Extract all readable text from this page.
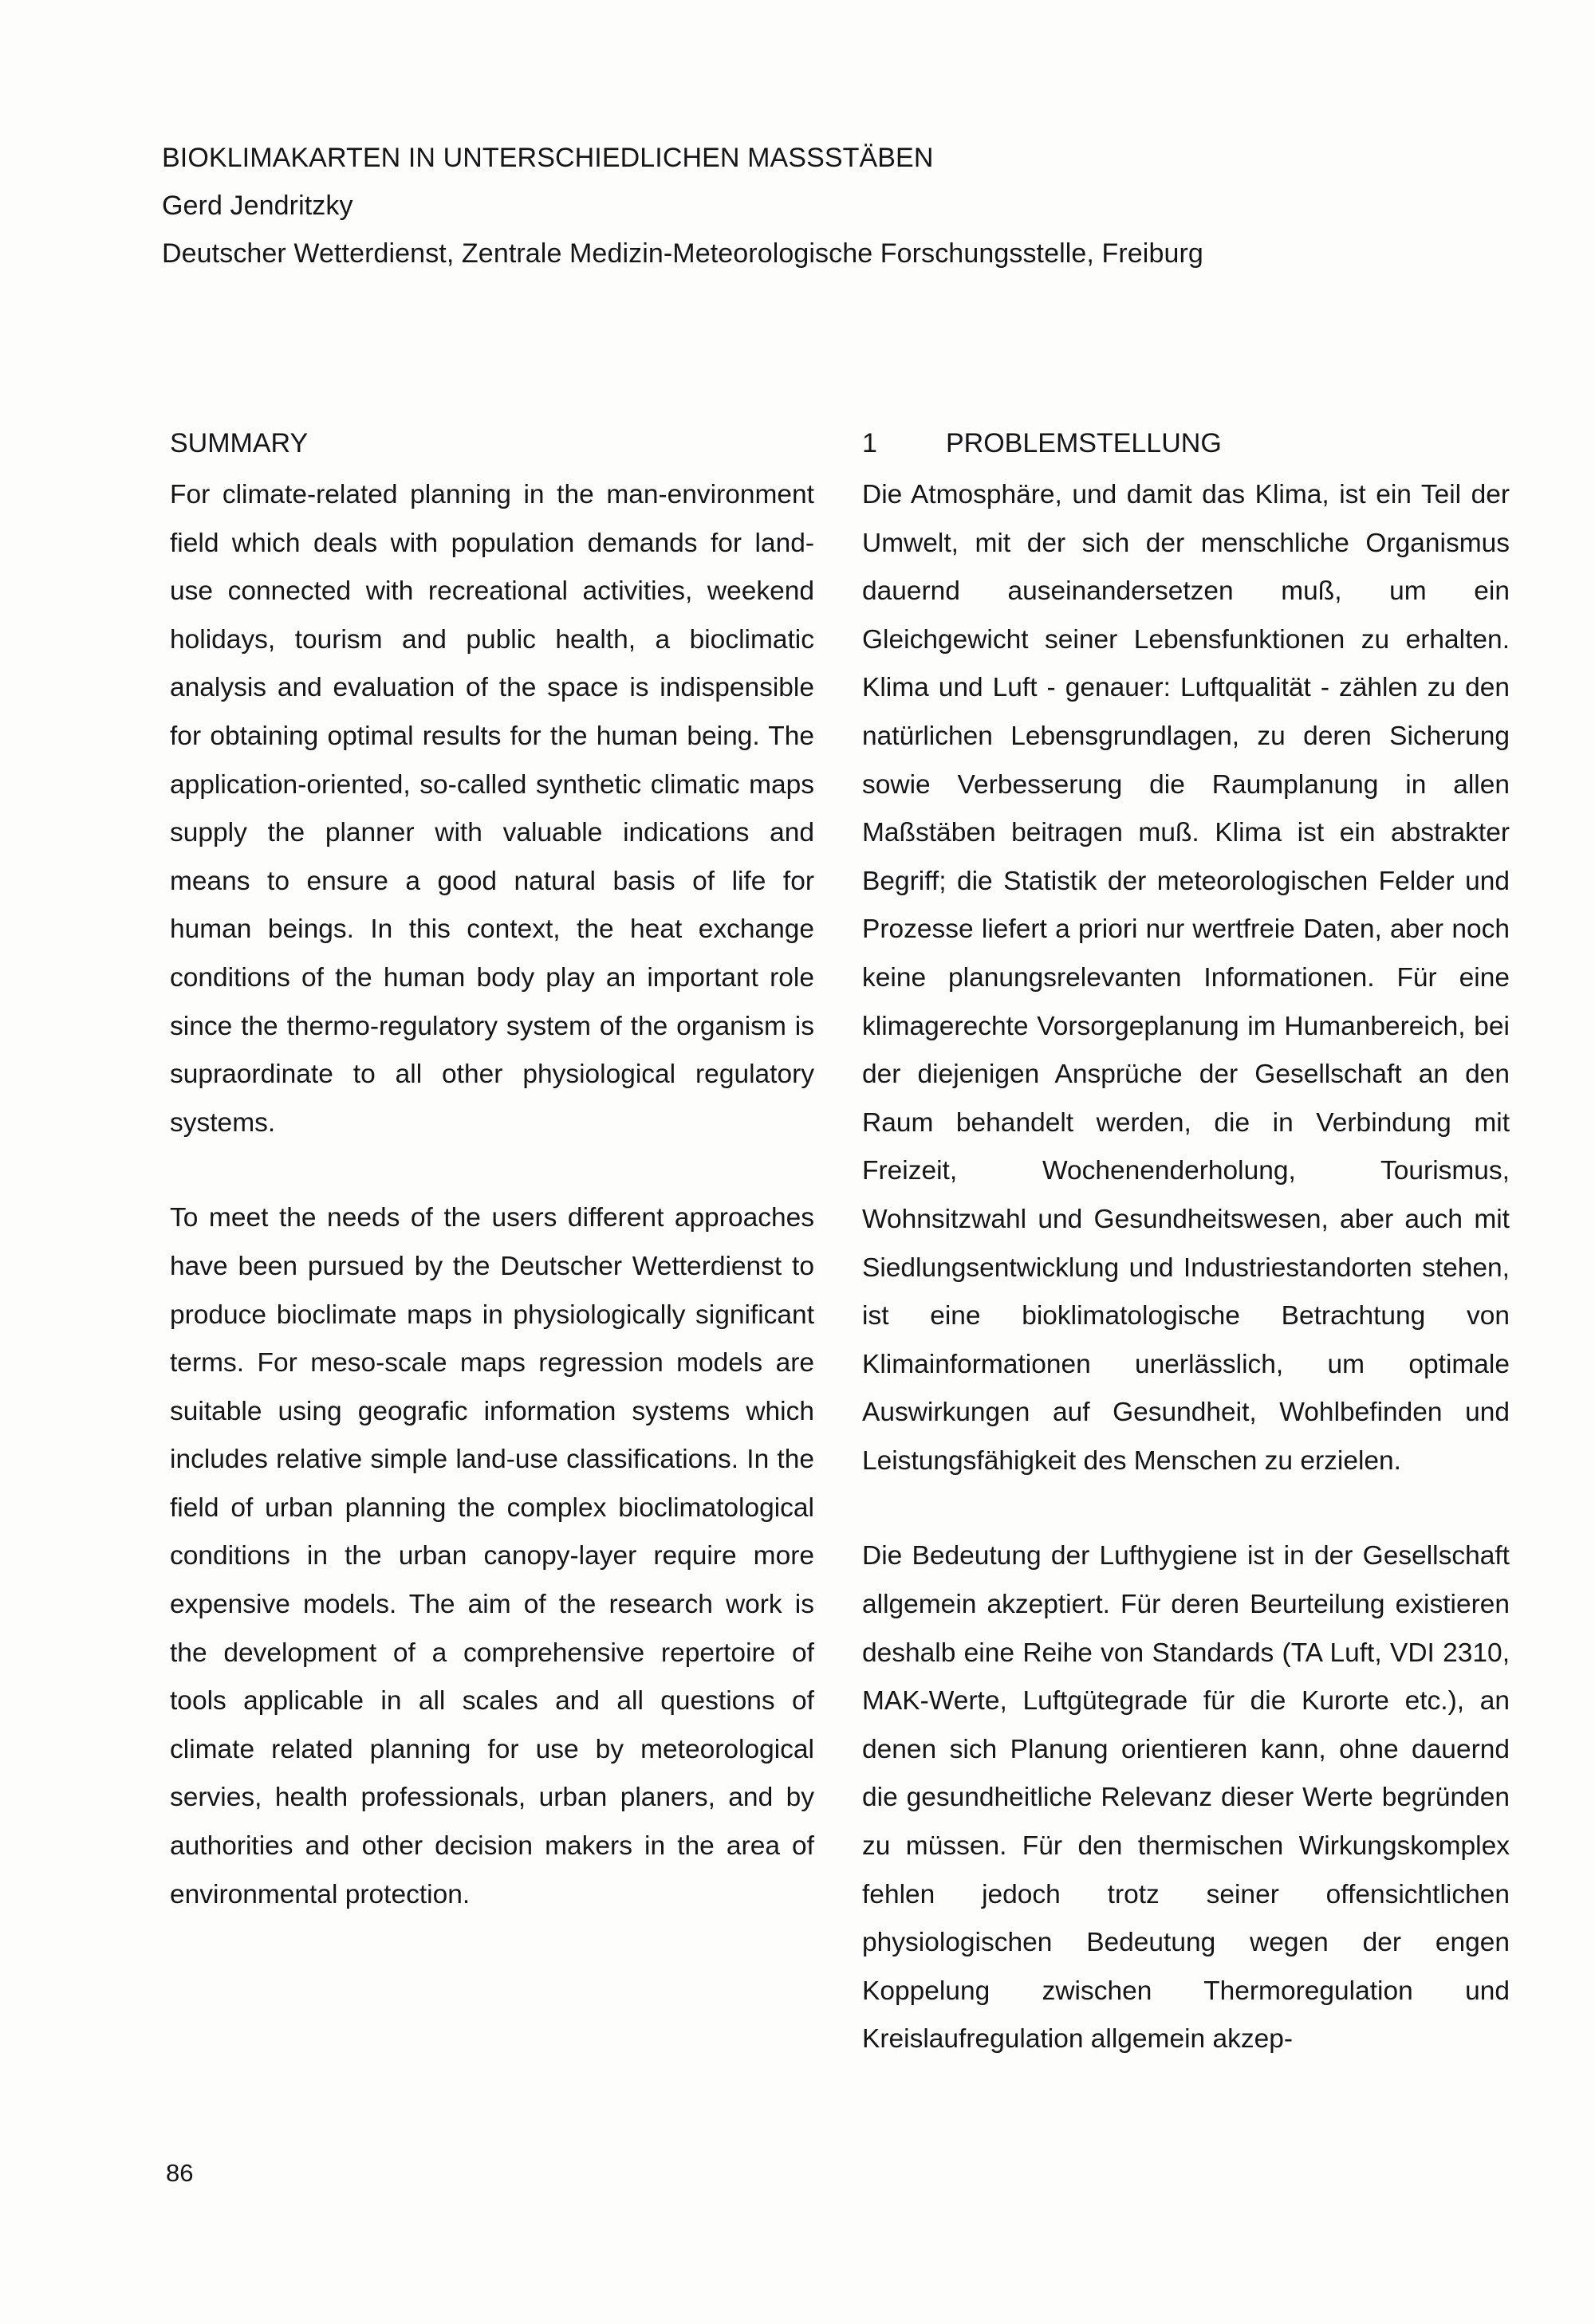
BIOKLIMAKARTEN IN UNTERSCHIEDLICHEN MASSSTÄBEN
Gerd Jendritzky
Deutscher Wetterdienst, Zentrale Medizin-Meteorologische Forschungsstelle, Freiburg
SUMMARY

For climate-related planning in the man-environment field which deals with population demands for land-use connected with recreational activities, weekend holidays, tourism and public health, a bioclimatic analysis and evaluation of the space is indispensible for obtaining optimal results for the human being. The application-oriented, so-called synthetic climatic maps supply the planner with valuable indications and means to ensure a good natural basis of life for human beings. In this context, the heat exchange conditions of the human body play an important role since the thermo-regulatory system of the organism is supraordinate to all other physiological regulatory systems.

To meet the needs of the users different approaches have been pursued by the Deutscher Wetterdienst to produce bioclimate maps in physiologically significant terms. For meso-scale maps regression models are suitable using geografic information systems which includes relative simple land-use classifications. In the field of urban planning the complex bioclimatological conditions in the urban canopy-layer require more expensive models. The aim of the research work is the development of a comprehensive repertoire of tools applicable in all scales and all questions of climate related planning for use by meteorological servies, health professionals, urban planers, and by authorities and other decision makers in the area of environmental protection.

1	PROBLEMSTELLUNG

Die Atmosphäre, und damit das Klima, ist ein Teil der Umwelt, mit der sich der menschliche Organismus dauernd auseinandersetzen muß, um ein Gleichgewicht seiner Lebensfunktionen zu erhalten. Klima und Luft - genauer: Luftqualität - zählen zu den natürlichen Lebensgrundlagen, zu deren Sicherung sowie Verbesserung die Raumplanung in allen Maßstäben beitragen muß. Klima ist ein abstrakter Begriff; die Statistik der meteorologischen Felder und Prozesse liefert a priori nur wertfreie Daten, aber noch keine planungsrelevanten Informationen. Für eine klimagerechte Vorsorgeplanung im Humanbereich, bei der diejenigen Ansprüche der Gesellschaft an den Raum behandelt werden, die in Verbindung mit Freizeit, Wochenenderholung, Tourismus, Wohnsitzwahl und Gesundheitswesen, aber auch mit Siedlungsentwicklung und Industriestandorten stehen, ist eine bioklimatologische Betrachtung von Klimainformationen unerlässlich, um optimale Auswirkungen auf Gesundheit, Wohlbefinden und Leistungsfähigkeit des Menschen zu erzielen.

Die Bedeutung der Lufthygiene ist in der Gesellschaft allgemein akzeptiert. Für deren Beurteilung existieren deshalb eine Reihe von Standards (TA Luft, VDI 2310, MAK-Werte, Luftgütegrade für die Kurorte etc.), an denen sich Planung orientieren kann, ohne dauernd die gesundheitliche Relevanz dieser Werte begründen zu müssen. Für den thermischen Wirkungskomplex fehlen jedoch trotz seiner offensichtlichen physiologischen Bedeutung wegen der engen Koppelung zwischen Thermoregulation und Kreislaufregulation allgemein akzep-

86
